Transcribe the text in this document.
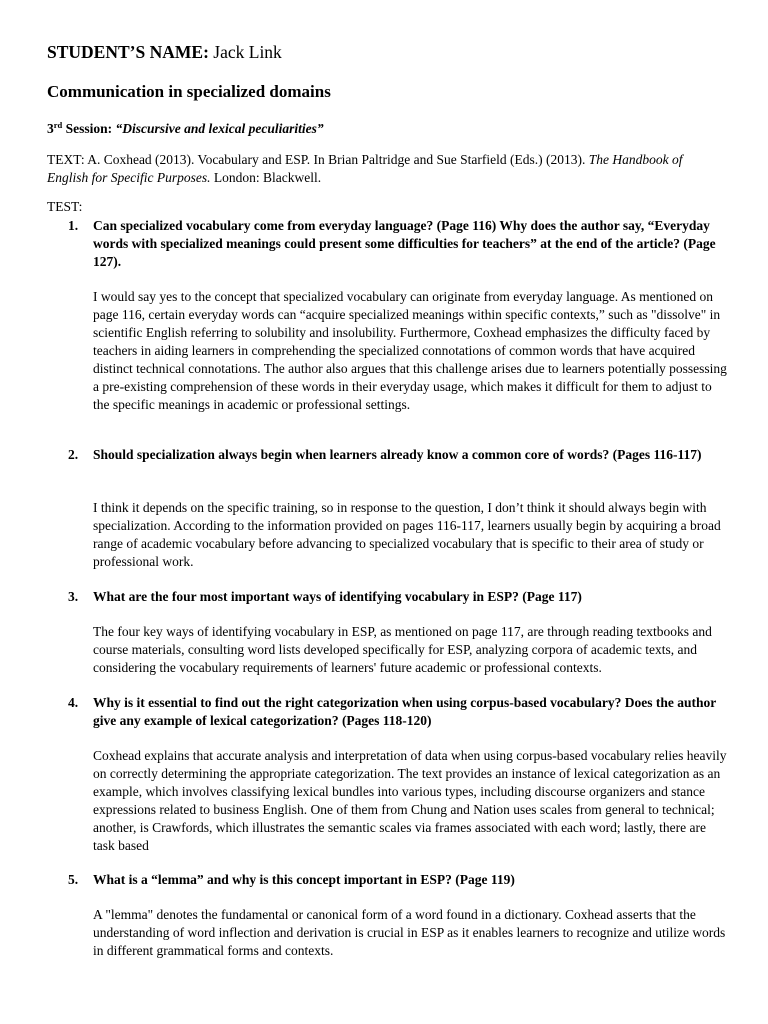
STUDENT’S NAME: Jack Link
Communication in specialized domains
3rd Session: “Discursive and lexical peculiarities”
TEXT: A. Coxhead (2013). Vocabulary and ESP. In Brian Paltridge and Sue Starfield (Eds.) (2013). The Handbook of English for Specific Purposes. London: Blackwell.
TEST:
1. Can specialized vocabulary come from everyday language? (Page 116) Why does the author say, “Everyday words with specialized meanings could present some difficulties for teachers” at the end of the article? (Page 127).
I would say yes to the concept that specialized vocabulary can originate from everyday language. As mentioned on page 116, certain everyday words can “acquire specialized meanings within specific contexts,” such as "dissolve" in scientific English referring to solubility and insolubility. Furthermore, Coxhead emphasizes the difficulty faced by teachers in aiding learners in comprehending the specialized connotations of common words that have acquired distinct technical connotations. The author also argues that this challenge arises due to learners potentially possessing a pre-existing comprehension of these words in their everyday usage, which makes it difficult for them to adjust to the specific meanings in academic or professional settings.
2. Should specialization always begin when learners already know a common core of words? (Pages 116-117)
I think it depends on the specific training, so in response to the question, I don’t think it should always begin with specialization. According to the information provided on pages 116-117, learners usually begin by acquiring a broad range of academic vocabulary before advancing to specialized vocabulary that is specific to their area of study or professional work.
3. What are the four most important ways of identifying vocabulary in ESP? (Page 117)
The four key ways of identifying vocabulary in ESP, as mentioned on page 117, are through reading textbooks and course materials, consulting word lists developed specifically for ESP, analyzing corpora of academic texts, and considering the vocabulary requirements of learners' future academic or professional contexts.
4. Why is it essential to find out the right categorization when using corpus-based vocabulary? Does the author give any example of lexical categorization? (Pages 118-120)
Coxhead explains that accurate analysis and interpretation of data when using corpus-based vocabulary relies heavily on correctly determining the appropriate categorization. The text provides an instance of lexical categorization as an example, which involves classifying lexical bundles into various types, including discourse organizers and stance expressions related to business English. One of them from Chung and Nation uses scales from general to technical; another, is Crawfords, which illustrates the semantic scales via frames associated with each word; lastly, there are task based
5. What is a “lemma” and why is this concept important in ESP? (Page 119)
A "lemma" denotes the fundamental or canonical form of a word found in a dictionary. Coxhead asserts that the understanding of word inflection and derivation is crucial in ESP as it enables learners to recognize and utilize words in different grammatical forms and contexts.
